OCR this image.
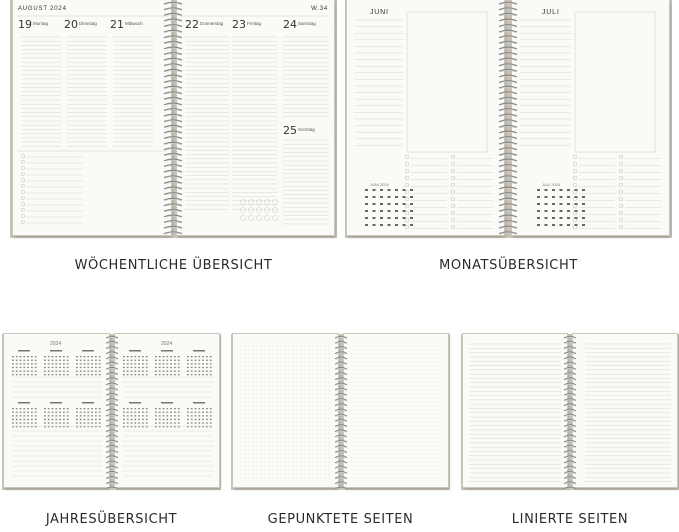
AUGUST 2024
19 Montag 20 Dienstag 21 Mittwoch
W.34
22 Donnerstag 23 Freitag 24 Samstag
25 Sonntag
JUNI
JUNI 2024
JULI
JULI 2024
2024	2024
WÖCHENTLICHE ÜBERSICHT	MONATSÜBERSICHT
JAHRESÜBERSICHT	GEPUNKTETE SEITEN	LINIERTE SEITEN
